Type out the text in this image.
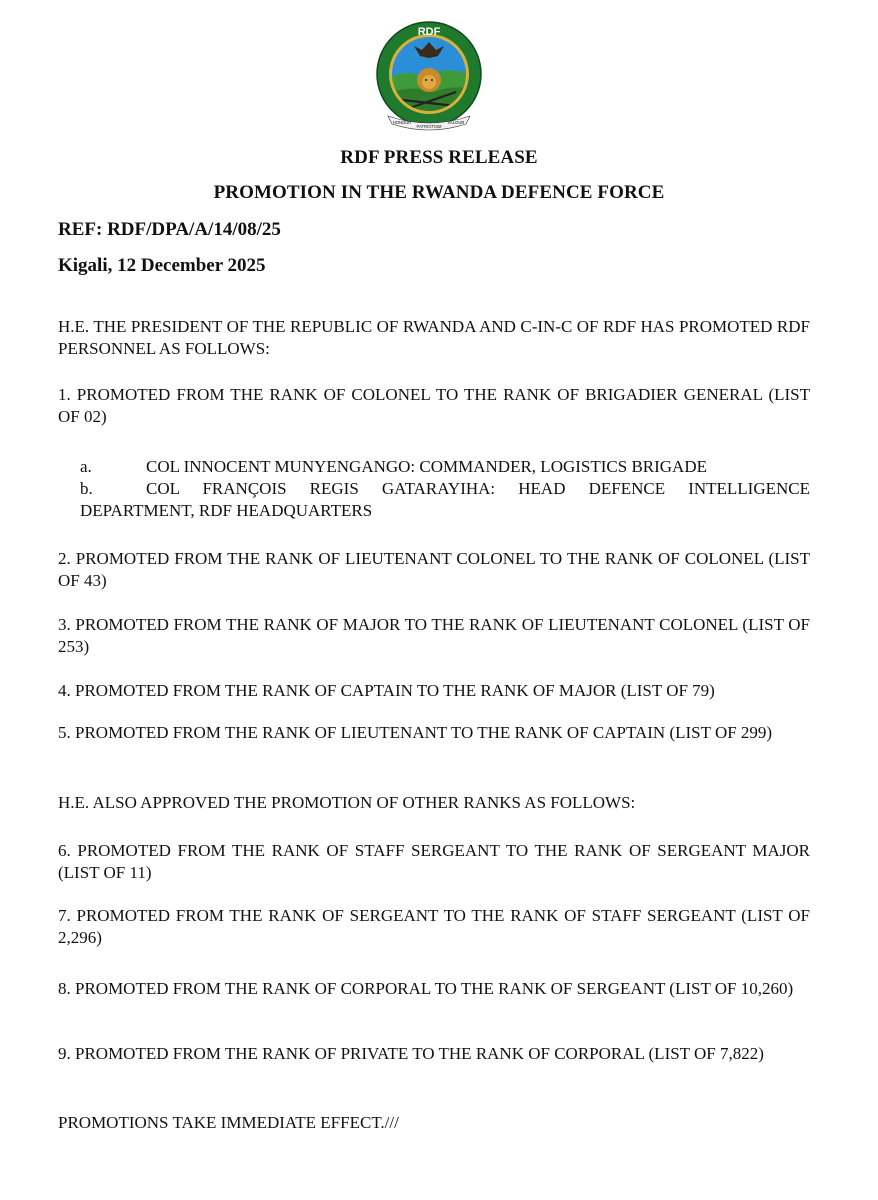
RDF
HONOUR
PATRIOTISM
VALOUR
RDF PRESS RELEASE
PROMOTION IN THE RWANDA DEFENCE FORCE
REF: RDF/DPA/A/14/08/25
Kigali, 12 December 2025
H.E. THE PRESIDENT OF THE REPUBLIC OF RWANDA AND C-IN-C OF RDF HAS PROMOTED RDF PERSONNEL AS FOLLOWS:
1. PROMOTED FROM THE RANK OF COLONEL TO THE RANK OF BRIGADIER GENERAL (LIST OF 02)
a.	COL INNOCENT MUNYENGANGO: COMMANDER, LOGISTICS BRIGADE
b.	COL FRANÇOIS REGIS GATARAYIHA: HEAD DEFENCE INTELLIGENCE DEPARTMENT, RDF HEADQUARTERS
2. PROMOTED FROM THE RANK OF LIEUTENANT COLONEL TO THE RANK OF COLONEL (LIST OF 43)
3. PROMOTED FROM THE RANK OF MAJOR TO THE RANK OF LIEUTENANT COLONEL (LIST OF 253)
4. PROMOTED FROM THE RANK OF CAPTAIN TO THE RANK OF MAJOR (LIST OF 79)
5. PROMOTED FROM THE RANK OF LIEUTENANT TO THE RANK OF CAPTAIN (LIST OF 299)
H.E. ALSO APPROVED THE PROMOTION OF OTHER RANKS AS FOLLOWS:
6. PROMOTED FROM THE RANK OF STAFF SERGEANT TO THE RANK OF SERGEANT MAJOR (LIST OF 11)
7. PROMOTED FROM THE RANK OF SERGEANT TO THE RANK OF STAFF SERGEANT (LIST OF 2,296)
8. PROMOTED FROM THE RANK OF CORPORAL TO THE RANK OF SERGEANT (LIST OF 10,260)
9. PROMOTED FROM THE RANK OF PRIVATE TO THE RANK OF CORPORAL (LIST OF 7,822)
PROMOTIONS TAKE IMMEDIATE EFFECT.///
